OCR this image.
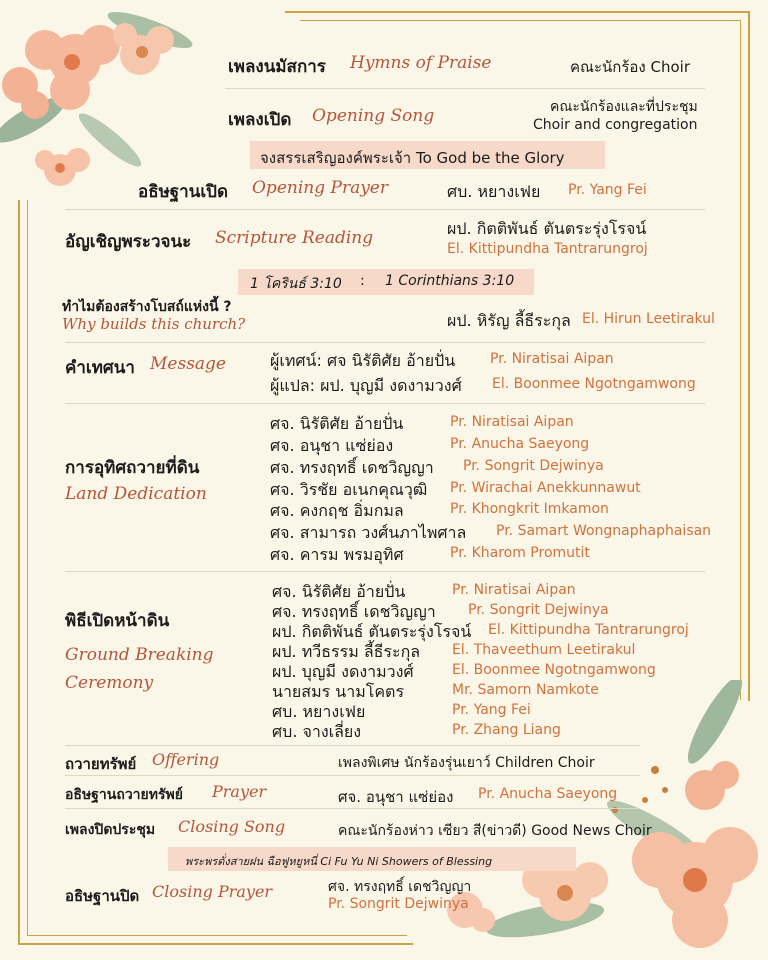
เพลงนมัสการ Hymns of Praise	คณะนักร้อง Choir
เพลงเปิด Opening Song	คณะนักร้องและที่ประชุม
Choir and congregation
จงสรรเสริญองค์พระเจ้า To God be the Glory
อธิษฐานเปิด Opening Prayer	ศบ. หยางเฟย Pr. Yang Fei
อัญเชิญพระวจนะ Scripture Reading	ผป. กิตติพันธ์ ตันตระรุ่งโรจน์
El. Kittipundha Tantrarungroj
1 โครินธ์ 3:10 : 1 Corinthians 3:10
ทำไมต้องสร้างโบสถ์แห่งนี้ ?
Why builds this church?	ผป. หิรัญ ลี้ธีระกุล El. Hirun Leetirakul
คำเทศนา Message	ผู้เทศน์: ศจ นิรัติศัย อ้ายปั่น Pr. Niratisai Aipan
ผู้แปล: ผป. บุญมี งดงามวงศ์ El. Boonmee Ngotngamwong
การอุทิศถวายที่ดิน
Land Dedication
ศจ. นิรัติศัย อ้ายปั่น	Pr. Niratisai Aipan
ศจ. อนุชา แซ่ย่อง	Pr. Anucha Saeyong
ศจ. ทรงฤทธิ์ เดชวิญญา Pr. Songrit Dejwinya
ศจ. วิรชัย อเนกคุณวุฒิ Pr. Wirachai Anekkunnawut
ศจ. คงกฤช อิ่มกมล	Pr. Khongkrit Imkamon
ศจ. สามารถ วงศ์นภาไพศาล Pr. Samart Wongnaphaphaisan
ศจ. คารม พรมอุทิศ	Pr. Kharom Promutit
พิธีเปิดหน้าดิน
Ground Breaking
Ceremony
ศจ. นิรัติศัย อ้ายปั่น	Pr. Niratisai Aipan
ศจ. ทรงฤทธิ์ เดชวิญญา Pr. Songrit Dejwinya
ผป. กิตติพันธ์ ตันตระรุ่งโรจน์ El. Kittipundha Tantrarungroj
ผป. ทวีธรรม ลี้ธีระกุล El. Thaveethum Leetirakul
ผป. บุญมี งดงามวงศ์	El. Boonmee Ngotngamwong
นายสมร นามโคตร	Mr. Samorn Namkote
ศบ. หยางเฟย	Pr. Yang Fei
ศบ. จางเลี่ยง	Pr. Zhang Liang
ถวายทรัพย์ Offering	เพลงพิเศษ นักร้องรุ่นเยาว์ Children Choir
อธิษฐานถวายทรัพย์ Prayer	ศจ. อนุชา แซ่ย่อง Pr. Anucha Saeyong
เพลงปิดประชุม Closing Song	คณะนักร้องห่าว เซียว สี(ข่าวดี) Good News Choir
พระพรดั่งสายฝน ฉือฟูหยูหนี่ Ci Fu Yu Ni Showers of Blessing
อธิษฐานปิด Closing Prayer	ศจ. ทรงฤทธิ์ เดชวิญญา
Pr. Songrit Dejwinya
